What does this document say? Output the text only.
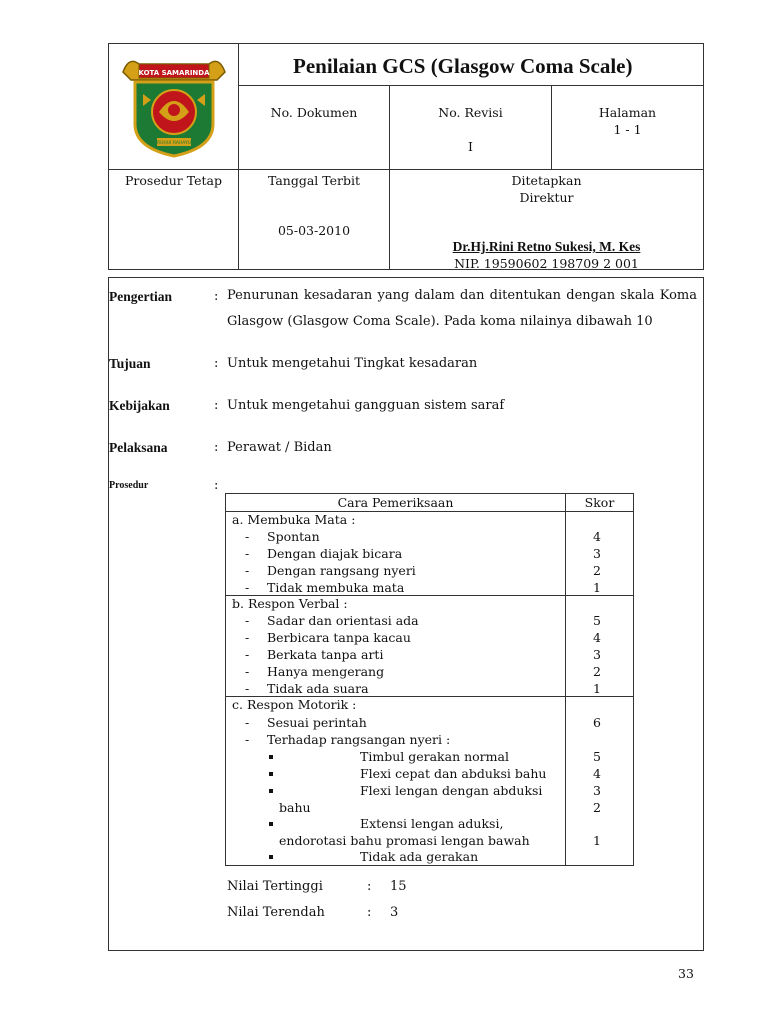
KOTA SAMARINDA
RUHUI RAHAYU
Penilaian GCS (Glasgow Coma Scale)
No. Dokumen	No. Revisi
I
Halaman
1 - 1
Prosedur Tetap	Tanggal Terbit
05-03-2010
Ditetapkan
Direktur
Dr.Hj.Rini Retno Sukesi, M. Kes
NIP. 19590602 198709 2 001
Pengertian	: Penurunan kesadaran yang dalam dan ditentukan dengan skala Koma Glasgow (Glasgow Coma Scale). Pada koma nilainya dibawah 10
Tujuan	: Untuk mengetahui Tingkat kesadaran
Kebijakan	: Untuk mengetahui gangguan sistem saraf
Pelaksana	: Perawat / Bidan
Prosedur	:
Cara Pemeriksaan	Skor
a. Membuka Mata :
- Spontan	4
- Dengan diajak bicara	3
- Dengan rangsang nyeri	2
- Tidak membuka mata	1
b. Respon Verbal :
- Sadar dan orientasi ada	5
- Berbicara tanpa kacau	4
- Berkata tanpa arti	3
- Hanya mengerang	2
- Tidak ada suara	1
c. Respon Motorik :
- Sesuai perintah	6
- Terhadap rangsangan nyeri :
Timbul gerakan normal	5
Flexi cepat dan abduksi bahu	4
Flexi lengan dengan abduksi	3
bahu	2
Extensi lengan aduksi,
endorotasi bahu promasi lengan bawah	1
Tidak ada gerakan
Nilai Tertinggi	: 15
Nilai Terendah	: 3
33
